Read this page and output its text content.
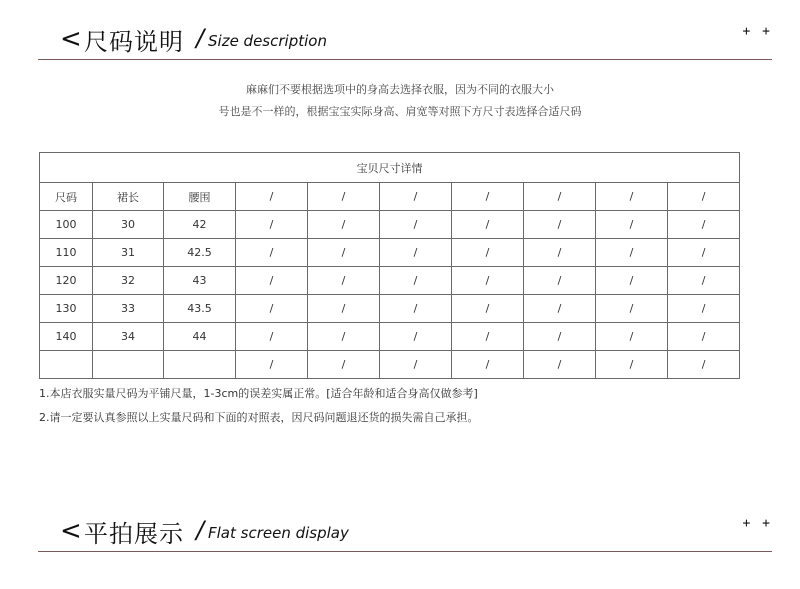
< 尺码说明 / Size description
+ +
麻麻们不要根据选项中的身高去选择衣服，因为不同的衣服大小
号也是不一样的，根据宝宝实际身高、肩宽等对照下方尺寸表选择合适尺码
宝贝尺寸详情									
尺码	裙长	腰围	/	/	/	/	/	/	/
100	30	42	/	/	/	/	/	/	/
110	31	42.5	/	/	/	/	/	/	/
120	32	43	/	/	/	/	/	/	/
130	33	43.5	/	/	/	/	/	/	/
140	34	44	/	/	/	/	/	/	/
			/	/	/	/	/	/	/
1.本店衣服实量尺码为平铺尺量，1-3cm的误差实属正常。[适合年龄和适合身高仅做参考]
2.请一定要认真参照以上实量尺码和下面的对照表，因尺码问题退还货的损失需自己承担。
< 平拍展示 / Flat screen display
+ +
